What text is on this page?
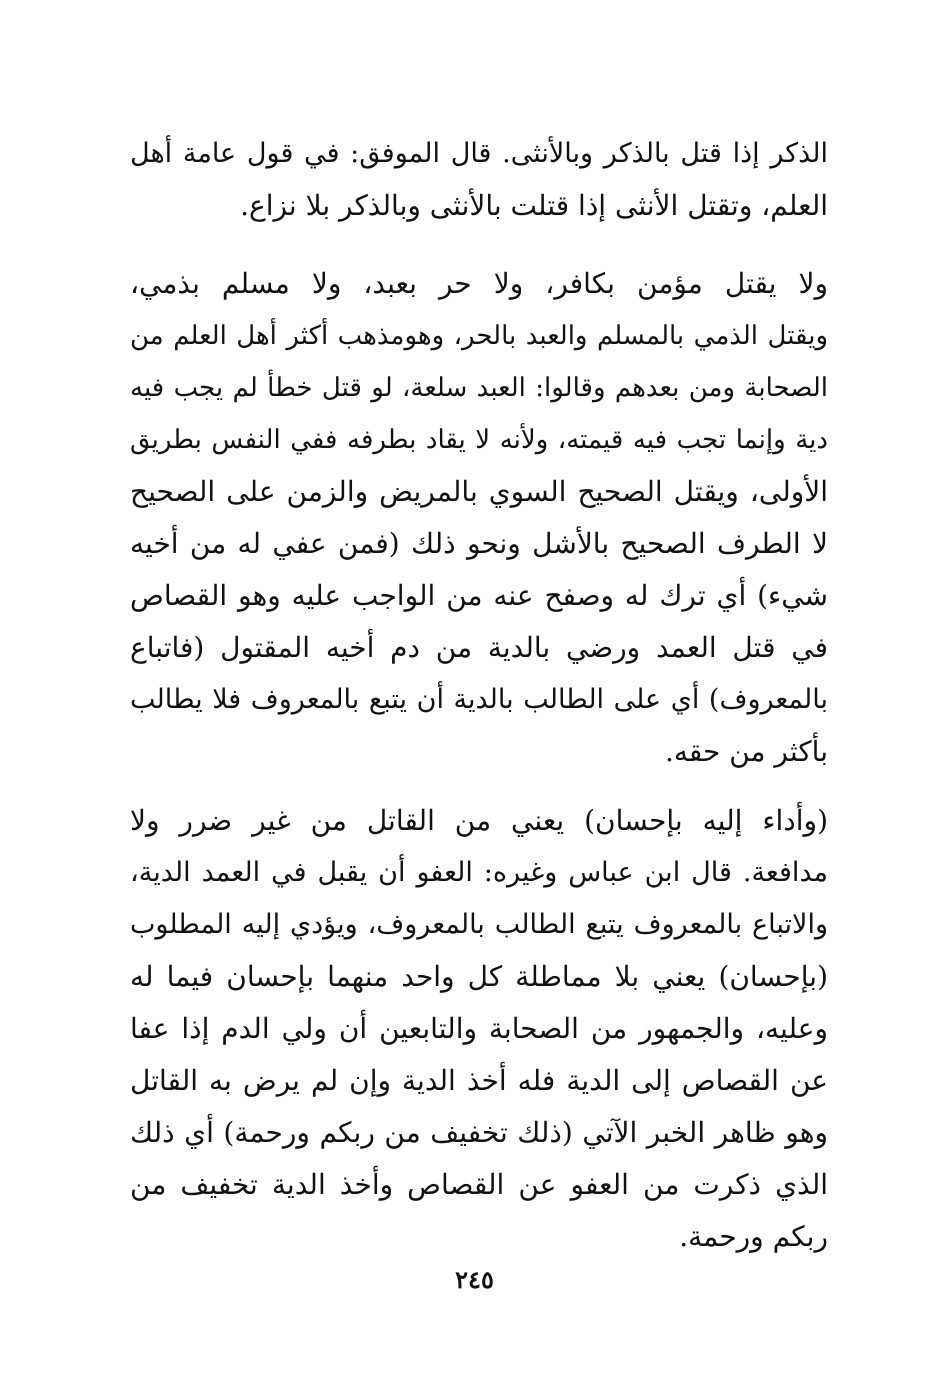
الذكر إذا قتل بالذكر وبالأنثى. قال الموفق: في قول عامة أهل
العلم، وتقتل الأنثى إذا قتلت بالأنثى وبالذكر بلا نزاع.
ولا يقتل مؤمن بكافر، ولا حر بعبد، ولا مسلم بذمي،
ويقتل الذمي بالمسلم والعبد بالحر، وهومذهب أكثر أهل العلم من
الصحابة ومن بعدهم وقالوا: العبد سلعة، لو قتل خطأ لم يجب فيه
دية وإنما تجب فيه قيمته، ولأنه لا يقاد بطرفه ففي النفس بطريق
الأولى، ويقتل الصحيح السوي بالمريض والزمن على الصحيح
لا الطرف الصحيح بالأشل ونحو ذلك (فمن عفي له من أخيه
شيء) أي ترك له وصفح عنه من الواجب عليه وهو القصاص
في قتل العمد ورضي بالدية من دم أخيه المقتول (فاتباع
بالمعروف) أي على الطالب بالدية أن يتبع بالمعروف فلا يطالب
بأكثر من حقه.
(وأداء إليه بإحسان) يعني من القاتل من غير ضرر ولا
مدافعة. قال ابن عباس وغيره: العفو أن يقبل في العمد الدية،
والاتباع بالمعروف يتبع الطالب بالمعروف، ويؤدي إليه المطلوب
(بإحسان) يعني بلا مماطلة كل واحد منهما بإحسان فيما له
وعليه، والجمهور من الصحابة والتابعين أن ولي الدم إذا عفا
عن القصاص إلى الدية فله أخذ الدية وإن لم يرض به القاتل
وهو ظاهر الخبر الآتي (ذلك تخفيف من ربكم ورحمة) أي ذلك
الذي ذكرت من العفو عن القصاص وأخذ الدية تخفيف من
ربكم ورحمة.
٢٤٥
